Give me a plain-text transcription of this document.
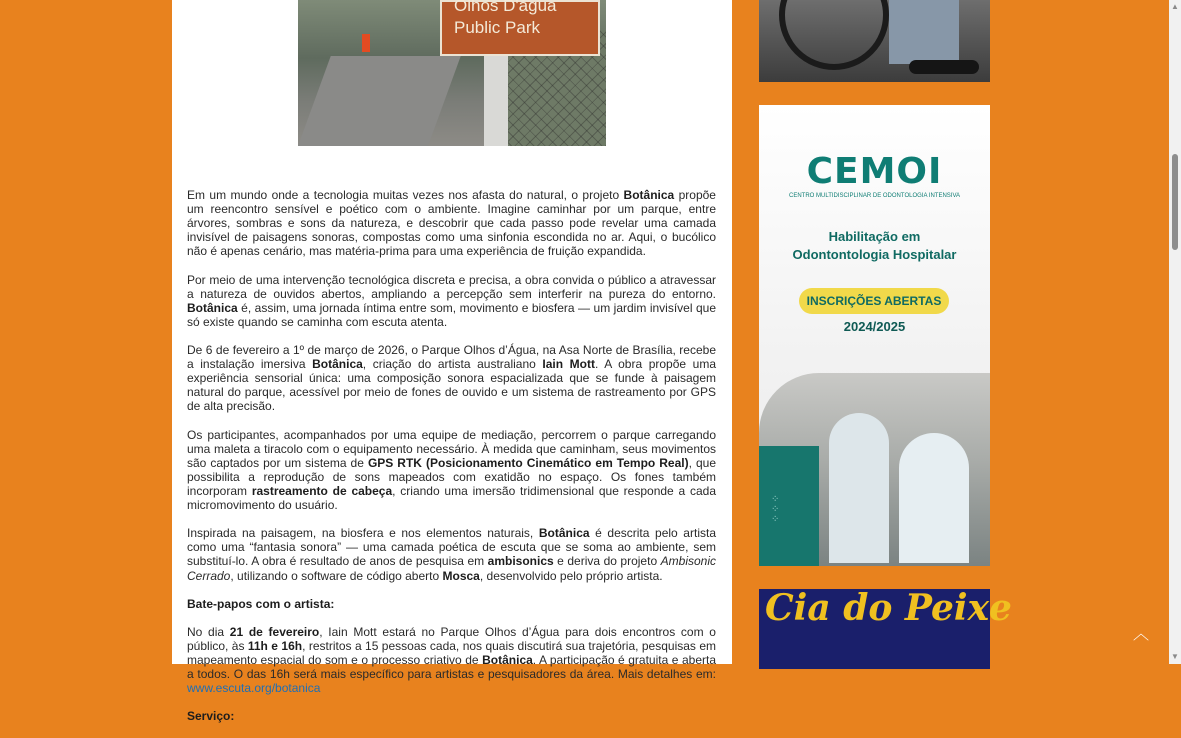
Olhos D'água
Public Park

Em um mundo onde a tecnologia muitas vezes nos afasta do natural, o projeto Botânica propõe um reencontro sensível e poético com o ambiente. Imagine caminhar por um parque, entre árvores, sombras e sons da natureza, e descobrir que cada passo pode revelar uma camada invisível de paisagens sonoras, compostas como uma sinfonia escondida no ar. Aqui, o bucólico não é apenas cenário, mas matéria-prima para uma experiência de fruição expandida.

Por meio de uma intervenção tecnológica discreta e precisa, a obra convida o público a atravessar a natureza de ouvidos abertos, ampliando a percepção sem interferir na pureza do entorno. Botânica é, assim, uma jornada íntima entre som, movimento e biosfera — um jardim invisível que só existe quando se caminha com escuta atenta.

De 6 de fevereiro a 1º de março de 2026, o Parque Olhos d’Água, na Asa Norte de Brasília, recebe a instalação imersiva Botânica, criação do artista australiano Iain Mott. A obra propõe uma experiência sensorial única: uma composição sonora espacializada que se funde à paisagem natural do parque, acessível por meio de fones de ouvido e um sistema de rastreamento por GPS de alta precisão.

Os participantes, acompanhados por uma equipe de mediação, percorrem o parque carregando uma maleta a tiracolo com o equipamento necessário. À medida que caminham, seus movimentos são captados por um sistema de GPS RTK (Posicionamento Cinemático em Tempo Real), que possibilita a reprodução de sons mapeados com exatidão no espaço. Os fones também incorporam rastreamento de cabeça, criando uma imersão tridimensional que responde a cada micromovimento do usuário.

Inspirada na paisagem, na biosfera e nos elementos naturais, Botânica é descrita pelo artista como uma “fantasia sonora” — uma camada poética de escuta que se soma ao ambiente, sem substituí-lo. A obra é resultado de anos de pesquisa em ambisonics e deriva do projeto Ambisonic Cerrado, utilizando o software de código aberto Mosca, desenvolvido pelo próprio artista.

Bate-papos com o artista:

No dia 21 de fevereiro, Iain Mott estará no Parque Olhos d’Água para dois encontros com o público, às 11h e 16h, restritos a 15 pessoas cada, nos quais discutirá sua trajetória, pesquisas em mapeamento espacial do som e o processo criativo de Botânica. A participação é gratuita e aberta a todos. O das 16h será mais específico para artistas e pesquisadores da área. Mais detalhes em: www.escuta.org/botanica

Serviço:

CEMOI
CENTRO MULTIDISCIPLINAR DE ODONTOLOGIA INTENSIVA
Habilitação em
Odontontologia Hospitalar
INSCRIÇÕES ABERTAS
2024/2025
⁘
⁘
⁘
Cia do Peixe
▲
▼
︿
